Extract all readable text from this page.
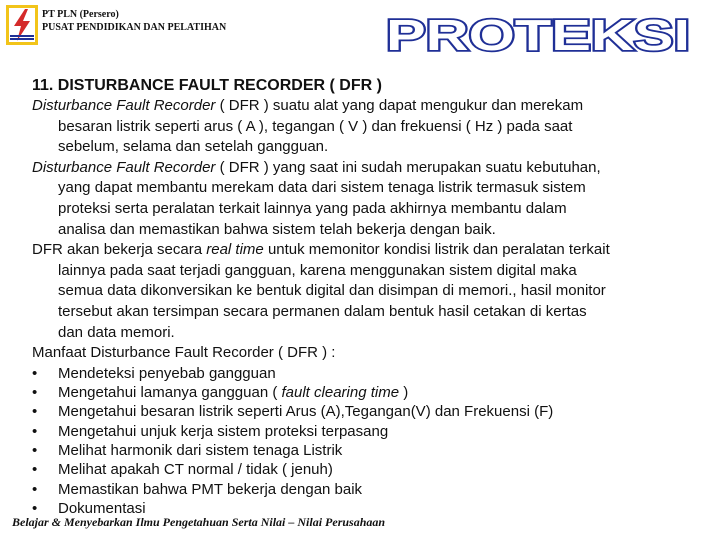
PT PLN (Persero)
PUSAT PENDIDIKAN DAN PELATIHAN	PROTEKSI
11. DISTURBANCE FAULT RECORDER ( DFR )
Disturbance Fault Recorder ( DFR ) suatu alat yang dapat mengukur dan merekam
besaran listrik seperti arus ( A ), tegangan ( V ) dan frekuensi ( Hz ) pada saat
sebelum, selama dan setelah gangguan.
Disturbance Fault Recorder ( DFR ) yang saat ini sudah merupakan suatu kebutuhan,
yang dapat membantu merekam data dari sistem tenaga listrik termasuk sistem
proteksi serta peralatan terkait lainnya yang pada akhirnya membantu dalam
analisa dan memastikan bahwa sistem telah bekerja dengan baik.
DFR akan bekerja secara real time untuk memonitor kondisi listrik dan peralatan terkait
lainnya pada saat terjadi gangguan, karena menggunakan sistem digital maka
semua data dikonversikan ke bentuk digital dan disimpan di memori., hasil monitor
tersebut akan tersimpan secara permanen dalam bentuk hasil cetakan di kertas
dan data memori.
Manfaat Disturbance Fault Recorder ( DFR ) :
•	Mendeteksi penyebab gangguan
•	Mengetahui lamanya gangguan ( fault clearing time )
•	Mengetahui besaran listrik seperti Arus (A),Tegangan(V) dan Frekuensi (F)
•	Mengetahui unjuk kerja sistem proteksi terpasang
•	Melihat harmonik dari sistem tenaga Listrik
•	Melihat apakah CT normal / tidak ( jenuh)
•	Memastikan bahwa PMT bekerja dengan baik
•	Dokumentasi
Belajar & Menyebarkan Ilmu Pengetahuan Serta Nilai – Nilai Perusahaan
